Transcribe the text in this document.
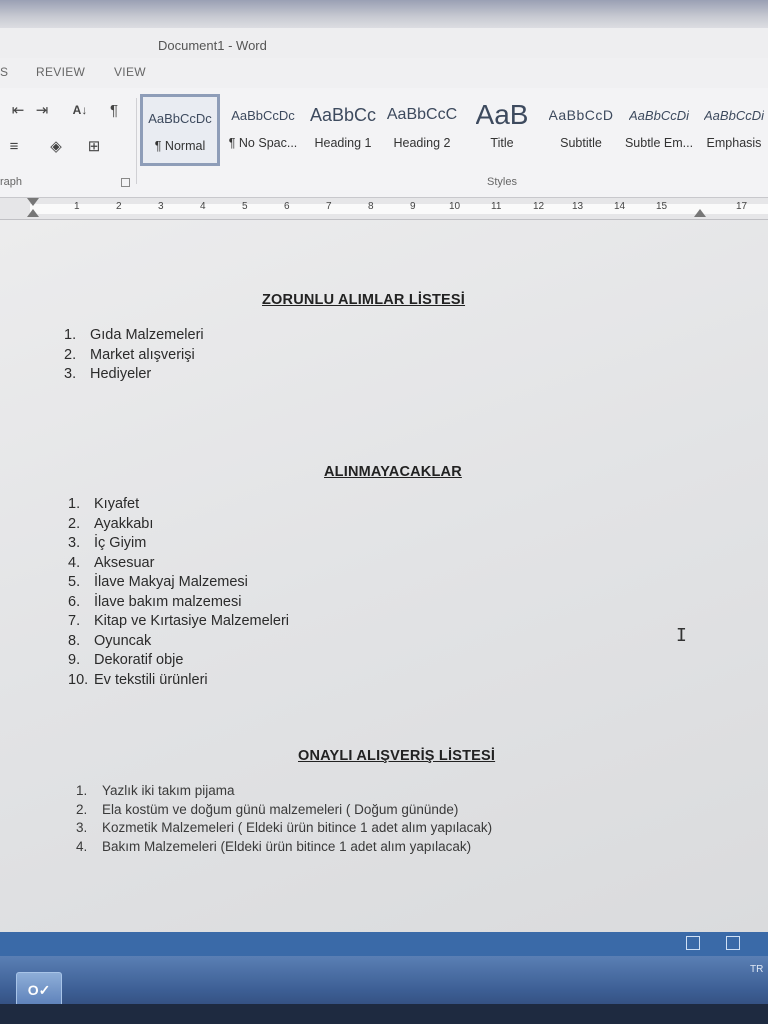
Document1 - Word
S REVIEW VIEW
⇤ ⇥	A↓	¶
≡	◈ ⊞
raph
AaBbCcDc
¶ Normal
AaBbCcDc
¶ No Spac...
AaBbCc
Heading 1
AaBbCcC
Heading 2
AaB
Title
AaBbCcD
Subtitle
AaBbCcDi
Subtle Em...
AaBbCcDi
Emphasis
Styles
1	2	3	4	5	6	7	8	9	10	11	12	13	14	15	17
ZORUNLU ALIMLAR LİSTESİ
1. Gıda Malzemeleri
2. Market alışverişi
3. Hediyeler
ALINMAYACAKLAR
1. Kıyafet
2. Ayakkabı
3. İç Giyim
4. Aksesuar
5. İlave Makyaj Malzemesi
6. İlave bakım malzemesi
7. Kitap ve Kırtasiye Malzemeleri
8. Oyuncak
9. Dekoratif obje
10. Ev tekstili ürünleri
ONAYLI ALIŞVERİŞ LİSTESİ
1. Yazlık iki takım pijama
2. Ela kostüm ve doğum günü malzemeleri ( Doğum gününde)
3. Kozmetik Malzemeleri ( Eldeki ürün bitince 1 adet alım yapılacak)
4. Bakım Malzemeleri (Eldeki ürün bitince 1 adet alım yapılacak)
I
O✓
TR
